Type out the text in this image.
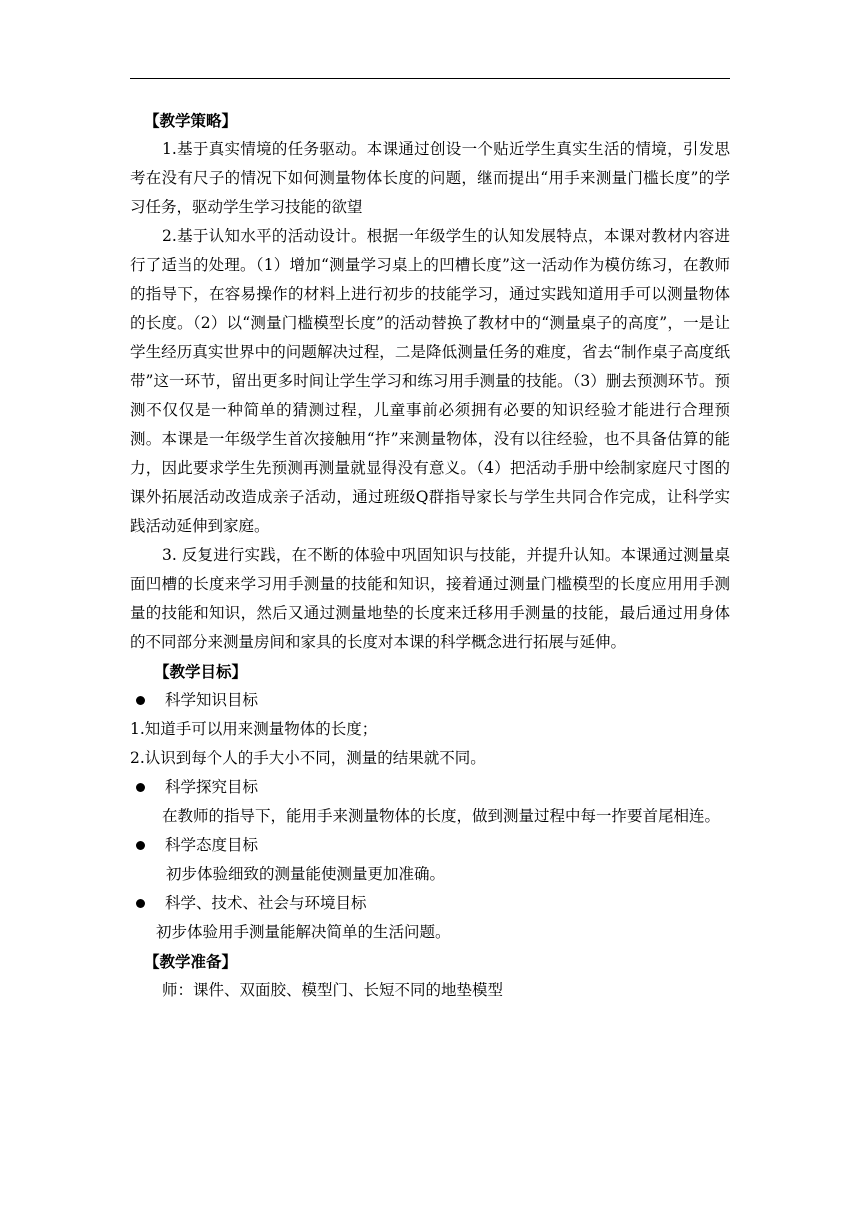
【教学策略】

1.基于真实情境的任务驱动。本课通过创设一个贴近学生真实生活的情境，引发思考在没有尺子的情况下如何测量物体长度的问题，继而提出“用手来测量门槛长度”的学习任务，驱动学生学习技能的欲望

2.基于认知水平的活动设计。根据一年级学生的认知发展特点，本课对教材内容进行了适当的处理。（1）增加“测量学习桌上的凹槽长度”这一活动作为模仿练习，在教师的指导下，在容易操作的材料上进行初步的技能学习，通过实践知道用手可以测量物体的长度。（2）以“测量门槛模型长度”的活动替换了教材中的“测量桌子的高度”，一是让学生经历真实世界中的问题解决过程，二是降低测量任务的难度，省去“制作桌子高度纸带”这一环节，留出更多时间让学生学习和练习用手测量的技能。（3）删去预测环节。预测不仅仅是一种简单的猜测过程，儿童事前必须拥有必要的知识经验才能进行合理预测。本课是一年级学生首次接触用“拃”来测量物体，没有以往经验，也不具备估算的能力，因此要求学生先预测再测量就显得没有意义。（4）把活动手册中绘制家庭尺寸图的课外拓展活动改造成亲子活动，通过班级Q群指导家长与学生共同合作完成，让科学实践活动延伸到家庭。

3. 反复进行实践，在不断的体验中巩固知识与技能，并提升认知。本课通过测量桌面凹槽的长度来学习用手测量的技能和知识，接着通过测量门槛模型的长度应用用手测量的技能和知识，然后又通过测量地垫的长度来迁移用手测量的技能，最后通过用身体的不同部分来测量房间和家具的长度对本课的科学概念进行拓展与延伸。

【教学目标】

科学知识目标

1.知道手可以用来测量物体的长度；

2.认识到每个人的手大小不同，测量的结果就不同。

科学探究目标

在教师的指导下，能用手来测量物体的长度，做到测量过程中每一拃要首尾相连。

科学态度目标

初步体验细致的测量能使测量更加准确。

科学、技术、社会与环境目标

初步体验用手测量能解决简单的生活问题。

【教学准备】

师：课件、双面胶、模型门、长短不同的地垫模型
